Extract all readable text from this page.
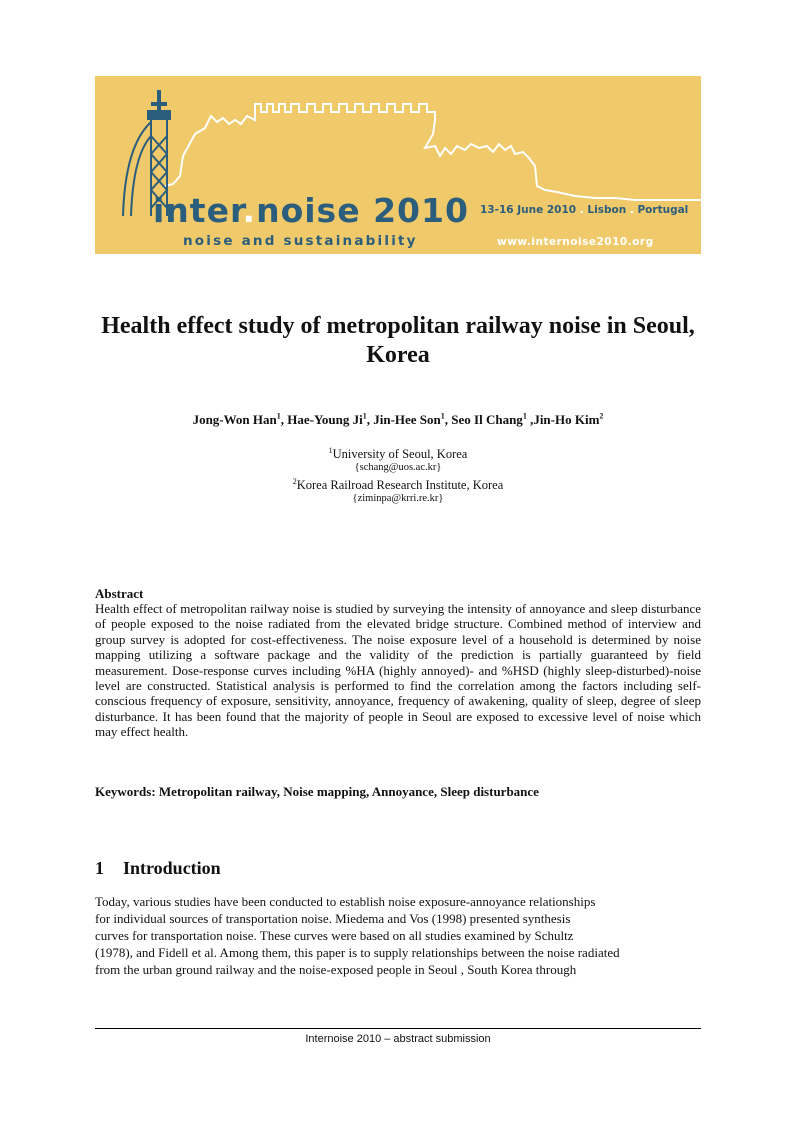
inter.noise 2010
noise and sustainability
13-16 June 2010 . Lisbon . Portugal
www.internoise2010.org
Health effect study of metropolitan railway noise in Seoul,
Korea
Jong-Won Han$^1$, Hae-Young Ji$^1$, Jin-Hee Son$^1$, Seo Il Chang$^1$ ,Jin-Ho Kim$^2$
$^1$University of Seoul, Korea
{schang@uos.ac.kr}
$^2$Korea Railroad Research Institute, Korea
{ziminpa@krri.re.kr}
Abstract

Health effect of metropolitan railway noise is studied by surveying the intensity of annoyance and sleep disturbance of people exposed to the noise radiated from the elevated bridge structure. Combined method of interview and group survey is adopted for cost-effectiveness. The noise exposure level of a household is determined by noise mapping utilizing a software package and the validity of the prediction is partially guaranteed by field measurement. Dose-response curves including %HA (highly annoyed)- and %HSD (highly sleep-disturbed)-noise level are constructed. Statistical analysis is performed to find the correlation among the factors including self-conscious frequency of exposure, sensitivity, annoyance, frequency of awakening, quality of sleep, degree of sleep disturbance. It has been found that the majority of people in Seoul are exposed to excessive level of noise which may effect health.

Keywords: Metropolitan railway, Noise mapping, Annoyance, Sleep disturbance
1 Introduction
Today, various studies have been conducted to establish noise exposure-annoyance relationships
for individual sources of transportation noise. Miedema and Vos (1998) presented synthesis
curves for transportation noise. These curves were based on all studies examined by Schultz
(1978), and Fidell et al. Among them, this paper is to supply relationships between the noise radiated
from the urban ground railway and the noise-exposed people in Seoul , South Korea through
Internoise 2010 – abstract submission
